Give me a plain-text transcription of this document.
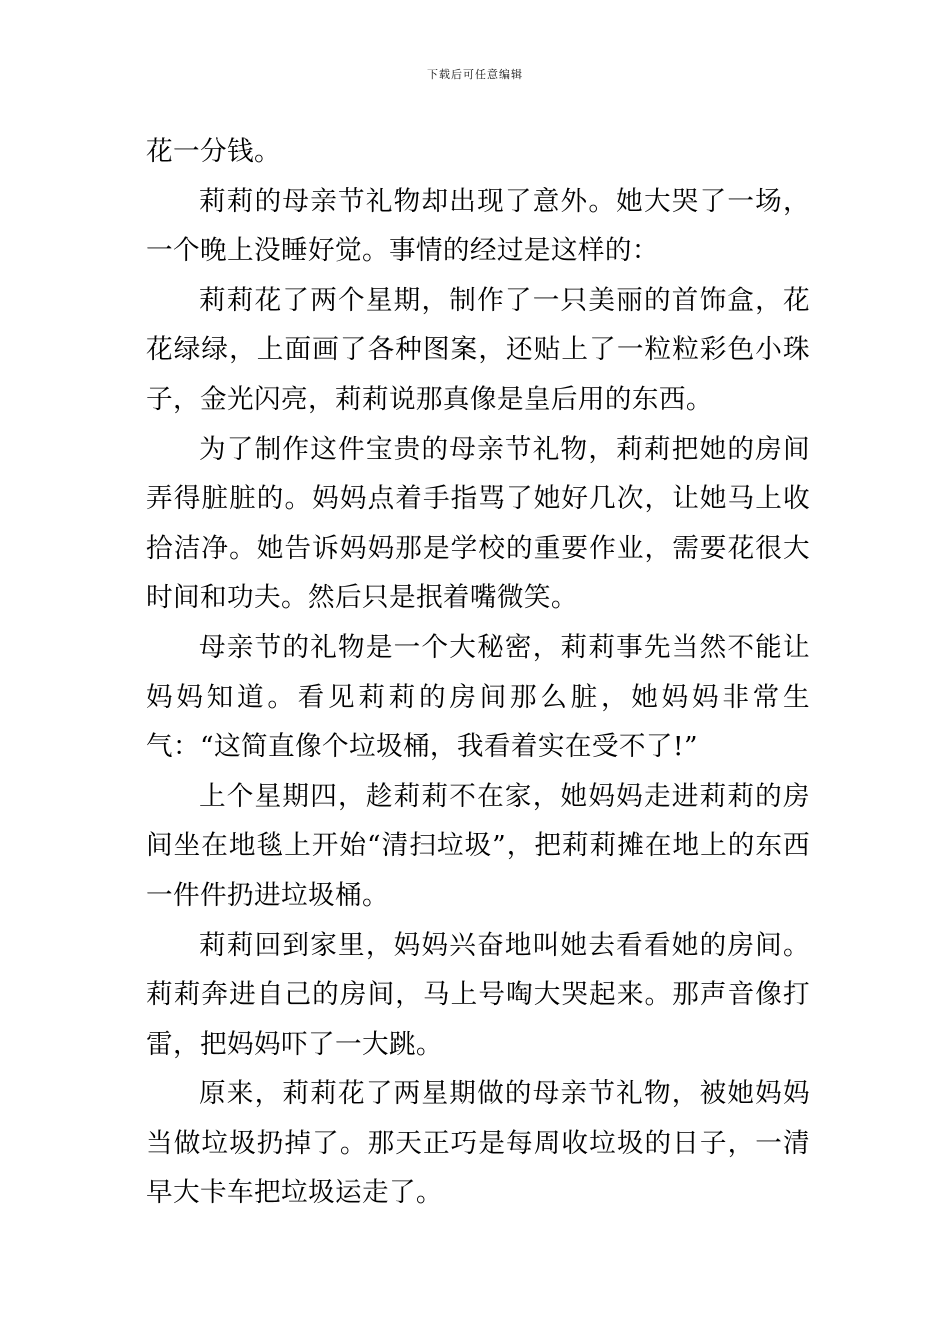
下载后可任意编辑

花一分钱。

莉莉的母亲节礼物却出现了意外。她大哭了一场，一个晚上没睡好觉。事情的经过是这样的：

莉莉花了两个星期，制作了一只美丽的首饰盒，花花绿绿，上面画了各种图案，还贴上了一粒粒彩色小珠子，金光闪亮，莉莉说那真像是皇后用的东西。

为了制作这件宝贵的母亲节礼物，莉莉把她的房间弄得脏脏的。妈妈点着手指骂了她好几次，让她马上收拾洁净。她告诉妈妈那是学校的重要作业，需要花很大时间和功夫。然后只是抿着嘴微笑。

母亲节的礼物是一个大秘密，莉莉事先当然不能让妈妈知道。看见莉莉的房间那么脏，她妈妈非常生气：“这简直像个垃圾桶，我看着实在受不了!”

上个星期四，趁莉莉不在家，她妈妈走进莉莉的房间坐在地毯上开始“清扫垃圾”，把莉莉摊在地上的东西一件件扔进垃圾桶。

莉莉回到家里，妈妈兴奋地叫她去看看她的房间。莉莉奔进自己的房间，马上号啕大哭起来。那声音像打雷，把妈妈吓了一大跳。

原来，莉莉花了两星期做的母亲节礼物，被她妈妈当做垃圾扔掉了。那天正巧是每周收垃圾的日子，一清早大卡车把垃圾运走了。
